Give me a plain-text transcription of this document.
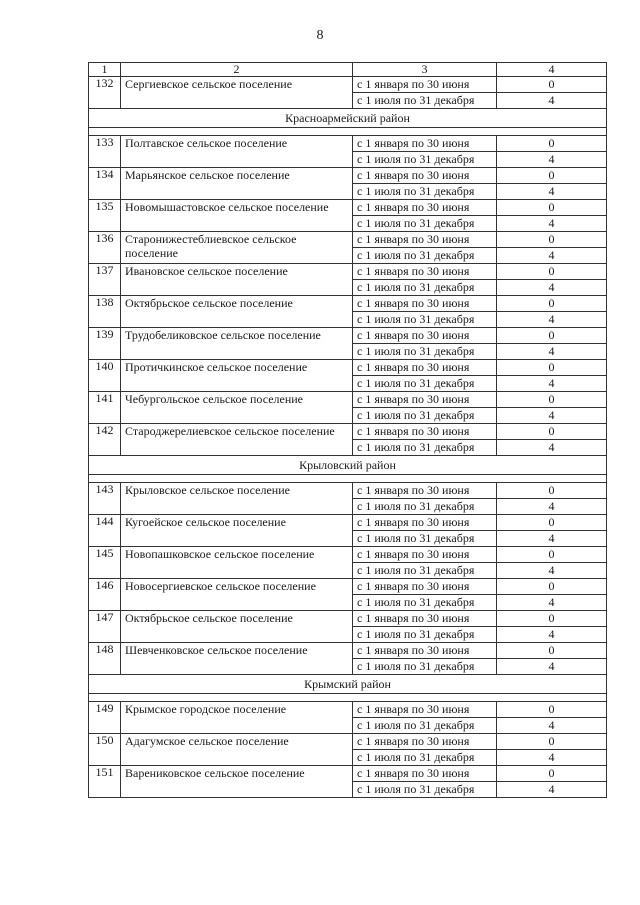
8
1	2	3	4
132	Сергиевское сельское поселение	с 1 января по 30 июня	0
		с 1 июля по 31 декабря	4
Красноармейский район			

133	Полтавское сельское поселение	с 1 января по 30 июня	0
		с 1 июля по 31 декабря	4
134	Марьянское сельское поселение	с 1 января по 30 июня	0
		с 1 июля по 31 декабря	4
135	Новомышастовское сельское поселение	с 1 января по 30 июня	0
		с 1 июля по 31 декабря	4
136	Старонижестеблиевское сельское поселение	с 1 января по 30 июня	0
		с 1 июля по 31 декабря	4
137	Ивановское сельское поселение	с 1 января по 30 июня	0
		с 1 июля по 31 декабря	4
138	Октябрьское сельское поселение	с 1 января по 30 июня	0
		с 1 июля по 31 декабря	4
139	Трудобеликовское сельское поселение	с 1 января по 30 июня	0
		с 1 июля по 31 декабря	4
140	Протичкинское сельское поселение	с 1 января по 30 июня	0
		с 1 июля по 31 декабря	4
141	Чебургольское сельское поселение	с 1 января по 30 июня	0
		с 1 июля по 31 декабря	4
142	Староджерелиевское сельское поселение	с 1 января по 30 июня	0
		с 1 июля по 31 декабря	4
Крыловский район			

143	Крыловское сельское поселение	с 1 января по 30 июня	0
		с 1 июля по 31 декабря	4
144	Кугоейское сельское поселение	с 1 января по 30 июня	0
		с 1 июля по 31 декабря	4
145	Новопашковское сельское поселение	с 1 января по 30 июня	0
		с 1 июля по 31 декабря	4
146	Новосергиевское сельское поселение	с 1 января по 30 июня	0
		с 1 июля по 31 декабря	4
147	Октябрьское сельское поселение	с 1 января по 30 июня	0
		с 1 июля по 31 декабря	4
148	Шевченковское сельское поселение	с 1 января по 30 июня	0
		с 1 июля по 31 декабря	4
Крымский район			

149	Крымское городское поселение	с 1 января по 30 июня	0
		с 1 июля по 31 декабря	4
150	Адагумское сельское поселение	с 1 января по 30 июня	0
		с 1 июля по 31 декабря	4
151	Варениковское сельское поселение	с 1 января по 30 июня	0
		с 1 июля по 31 декабря	4
